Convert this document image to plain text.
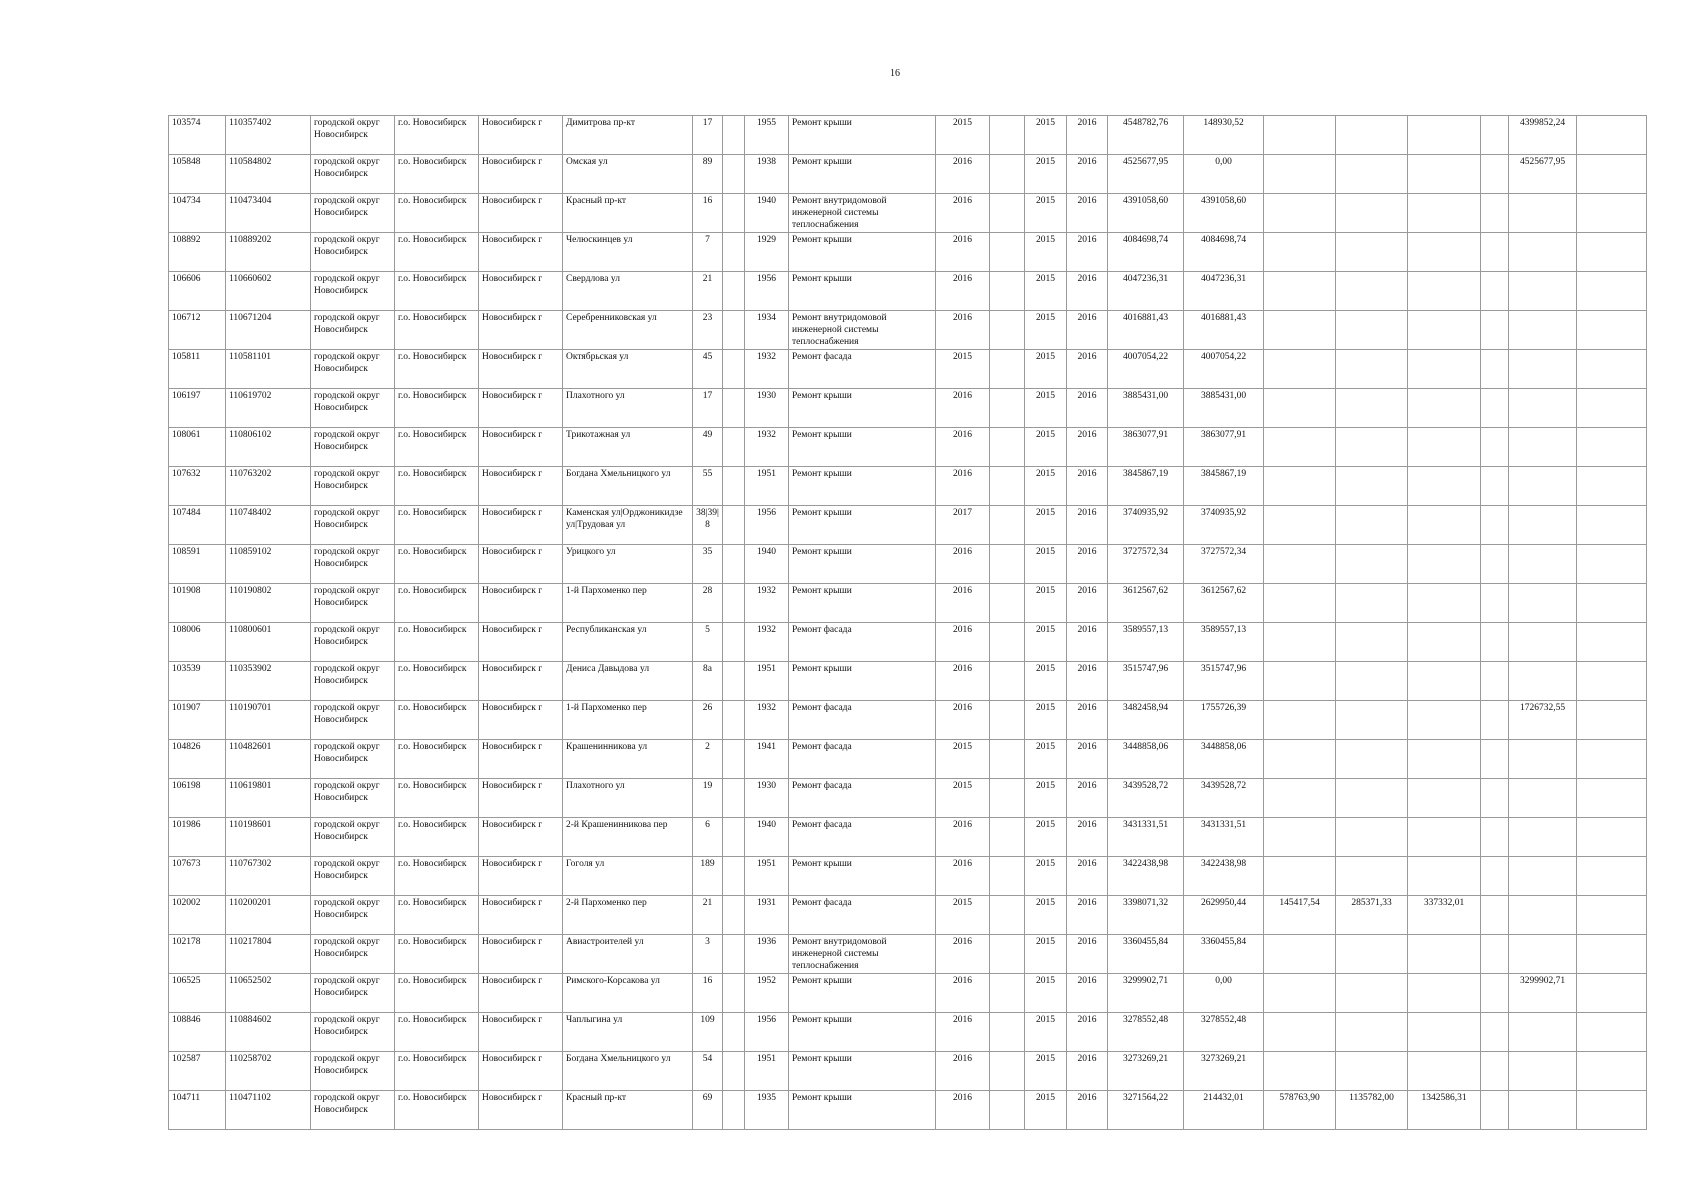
16
103574	110357402	городской округ Новосибирск	г.о. Новосибирск	Новосибирск г	Димитрова пр-кт	17		1955	Ремонт крыши	2015		2015	2016	4548782,76	148930,52					4399852,24	
105848	110584802	городской округ Новосибирск	г.о. Новосибирск	Новосибирск г	Омская ул	89		1938	Ремонт крыши	2016		2015	2016	4525677,95	0,00					4525677,95	
104734	110473404	городской округ Новосибирск	г.о. Новосибирск	Новосибирск г	Красный пр-кт	16		1940	Ремонт внутридомовой инженерной системы теплоснабжения	2016		2015	2016	4391058,60	4391058,60						
108892	110889202	городской округ Новосибирск	г.о. Новосибирск	Новосибирск г	Челюскинцев ул	7		1929	Ремонт крыши	2016		2015	2016	4084698,74	4084698,74						
106606	110660602	городской округ Новосибирск	г.о. Новосибирск	Новосибирск г	Свердлова ул	21		1956	Ремонт крыши	2016		2015	2016	4047236,31	4047236,31						
106712	110671204	городской округ Новосибирск	г.о. Новосибирск	Новосибирск г	Серебренниковская ул	23		1934	Ремонт внутридомовой инженерной системы теплоснабжения	2016		2015	2016	4016881,43	4016881,43						
105811	110581101	городской округ Новосибирск	г.о. Новосибирск	Новосибирск г	Октябрьская ул	45		1932	Ремонт фасада	2015		2015	2016	4007054,22	4007054,22						
106197	110619702	городской округ Новосибирск	г.о. Новосибирск	Новосибирск г	Плахотного ул	17		1930	Ремонт крыши	2016		2015	2016	3885431,00	3885431,00						
108061	110806102	городской округ Новосибирск	г.о. Новосибирск	Новосибирск г	Трикотажная ул	49		1932	Ремонт крыши	2016		2015	2016	3863077,91	3863077,91						
107632	110763202	городской округ Новосибирск	г.о. Новосибирск	Новосибирск г	Богдана Хмельницкого ул	55		1951	Ремонт крыши	2016		2015	2016	3845867,19	3845867,19						
107484	110748402	городской округ Новосибирск	г.о. Новосибирск	Новосибирск г	Каменская ул|Орджоникидзе ул|Трудовая ул	38|39|8		1956	Ремонт крыши	2017		2015	2016	3740935,92	3740935,92						
108591	110859102	городской округ Новосибирск	г.о. Новосибирск	Новосибирск г	Урицкого ул	35		1940	Ремонт крыши	2016		2015	2016	3727572,34	3727572,34						
101908	110190802	городской округ Новосибирск	г.о. Новосибирск	Новосибирск г	1-й Пархоменко пер	28		1932	Ремонт крыши	2016		2015	2016	3612567,62	3612567,62						
108006	110800601	городской округ Новосибирск	г.о. Новосибирск	Новосибирск г	Республиканская ул	5		1932	Ремонт фасада	2016		2015	2016	3589557,13	3589557,13						
103539	110353902	городской округ Новосибирск	г.о. Новосибирск	Новосибирск г	Дениса Давыдова ул	8а		1951	Ремонт крыши	2016		2015	2016	3515747,96	3515747,96						
101907	110190701	городской округ Новосибирск	г.о. Новосибирск	Новосибирск г	1-й Пархоменко пер	26		1932	Ремонт фасада	2016		2015	2016	3482458,94	1755726,39					1726732,55	
104826	110482601	городской округ Новосибирск	г.о. Новосибирск	Новосибирск г	Крашенинникова ул	2		1941	Ремонт фасада	2015		2015	2016	3448858,06	3448858,06						
106198	110619801	городской округ Новосибирск	г.о. Новосибирск	Новосибирск г	Плахотного ул	19		1930	Ремонт фасада	2015		2015	2016	3439528,72	3439528,72						
101986	110198601	городской округ Новосибирск	г.о. Новосибирск	Новосибирск г	2-й Крашенинникова пер	6		1940	Ремонт фасада	2016		2015	2016	3431331,51	3431331,51						
107673	110767302	городской округ Новосибирск	г.о. Новосибирск	Новосибирск г	Гоголя ул	189		1951	Ремонт крыши	2016		2015	2016	3422438,98	3422438,98						
102002	110200201	городской округ Новосибирск	г.о. Новосибирск	Новосибирск г	2-й Пархоменко пер	21		1931	Ремонт фасада	2015		2015	2016	3398071,32	2629950,44	145417,54	285371,33	337332,01			
102178	110217804	городской округ Новосибирск	г.о. Новосибирск	Новосибирск г	Авиастроителей ул	3		1936	Ремонт внутридомовой инженерной системы теплоснабжения	2016		2015	2016	3360455,84	3360455,84						
106525	110652502	городской округ Новосибирск	г.о. Новосибирск	Новосибирск г	Римского-Корсакова ул	16		1952	Ремонт крыши	2016		2015	2016	3299902,71	0,00					3299902,71	
108846	110884602	городской округ Новосибирск	г.о. Новосибирск	Новосибирск г	Чаплыгина ул	109		1956	Ремонт крыши	2016		2015	2016	3278552,48	3278552,48						
102587	110258702	городской округ Новосибирск	г.о. Новосибирск	Новосибирск г	Богдана Хмельницкого ул	54		1951	Ремонт крыши	2016		2015	2016	3273269,21	3273269,21						
104711	110471102	городской округ Новосибирск	г.о. Новосибирск	Новосибирск г	Красный пр-кт	69		1935	Ремонт крыши	2016		2015	2016	3271564,22	214432,01	578763,90	1135782,00	1342586,31			
